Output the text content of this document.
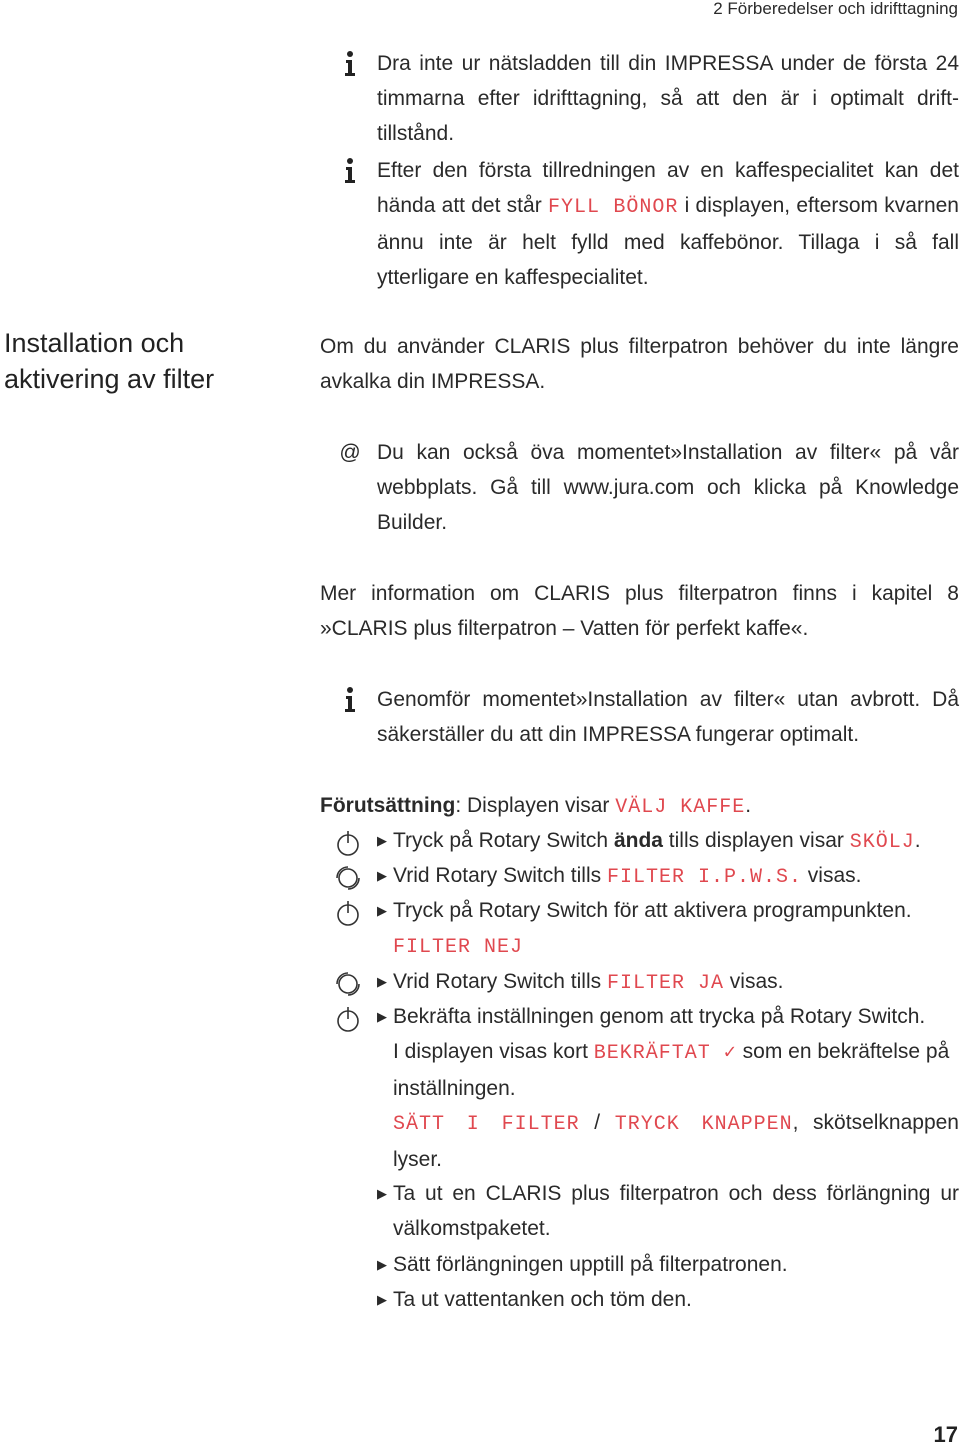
2 Förberedelser och idrifttagning
Installation och
aktivering av filter
Dra inte ur nätsladden till din IMPRESSA under de första 24 timmarna efter idrifttagning, så att den är i optimalt drifttillstånd.
Efter den första tillredningen av en kaffespecialitet kan det hända att det står FYLL BÖNOR i displayen, eftersom kvarnen ännu inte är helt fylld med kaffebönor. Tillaga i så fall ytterligare en kaffespecialitet.
Om du använder CLARIS plus filterpatron behöver du inte längre avkalka din IMPRESSA.
@ Du kan också öva momentet»Installation av filter« på vår webbplats. Gå till www.jura.com och klicka på Knowledge Builder.
Mer information om CLARIS plus filterpatron finns i kapitel 8 »CLARIS plus filterpatron – Vatten för perfekt kaffe«.
Genomför momentet»Installation av filter« utan avbrott. Då säkerställer du att din IMPRESSA fungerar optimalt.
Förutsättning: Displayen visar VÄLJ KAFFE.
▶ Tryck på Rotary Switch ända tills displayen visar SKÖLJ.
▶ Vrid Rotary Switch tills FILTER I.P.W.S. visas.
▶ Tryck på Rotary Switch för att aktivera programpunkten.
FILTER NEJ
▶ Vrid Rotary Switch tills FILTER JA visas.
▶ Bekräfta inställningen genom att trycka på Rotary Switch.
I displayen visas kort BEKRÄFTAT ✓ som en bekräftelse på inställningen.
SÄTT I FILTER / TRYCK KNAPPEN, skötselknappen lyser.
▶ Ta ut en CLARIS plus filterpatron och dess förlängning ur välkomstpaketet.
▶ Sätt förlängningen upptill på filterpatronen.
▶ Ta ut vattentanken och töm den.
17
